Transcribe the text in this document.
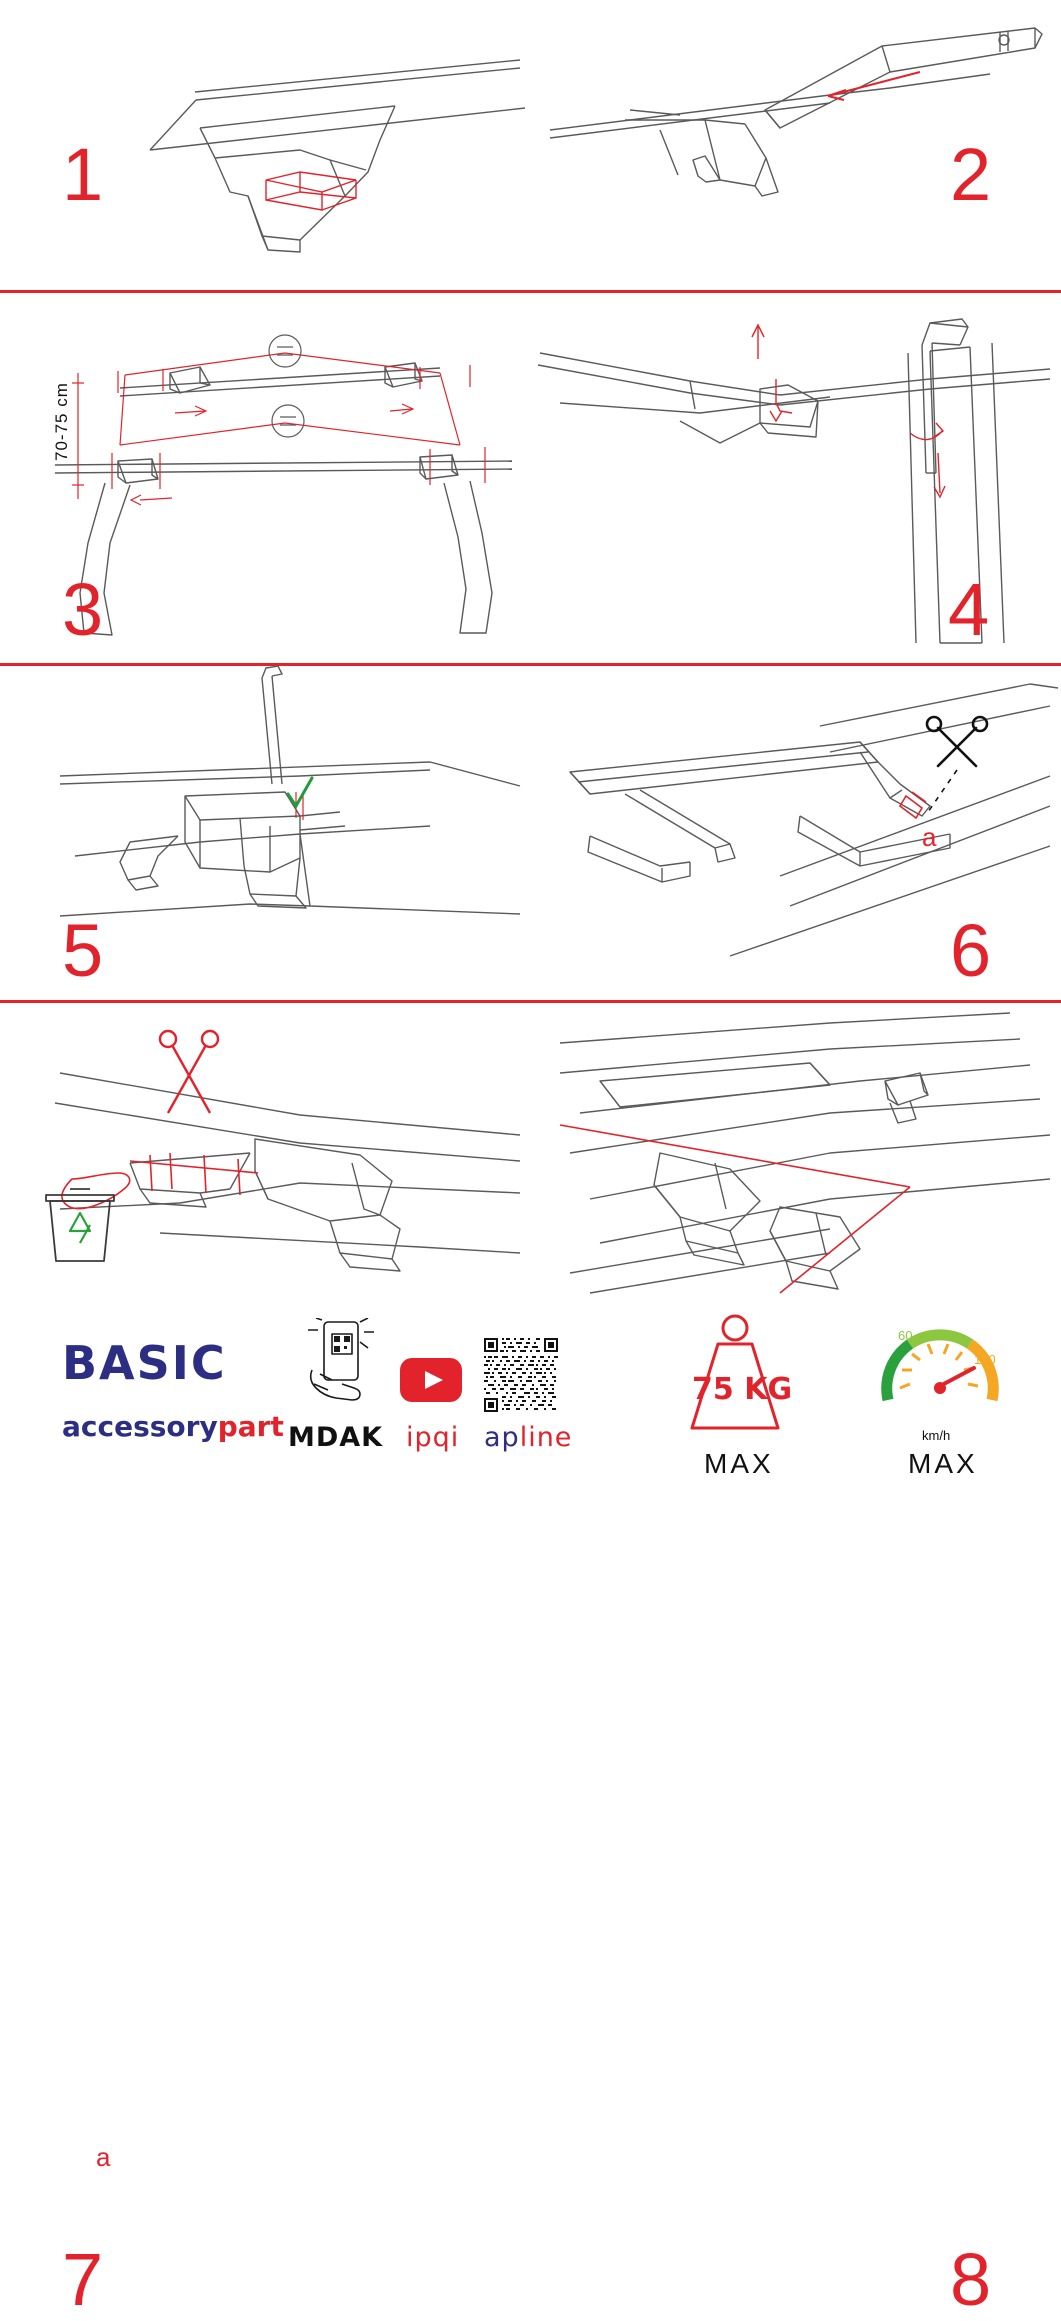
1	2
70-75 cm
3	4
5
a
6
a
7	8
BASIC
accessorypart MDAK ipqi apline
75 KG
MAX
60
120
km/h
MAX
